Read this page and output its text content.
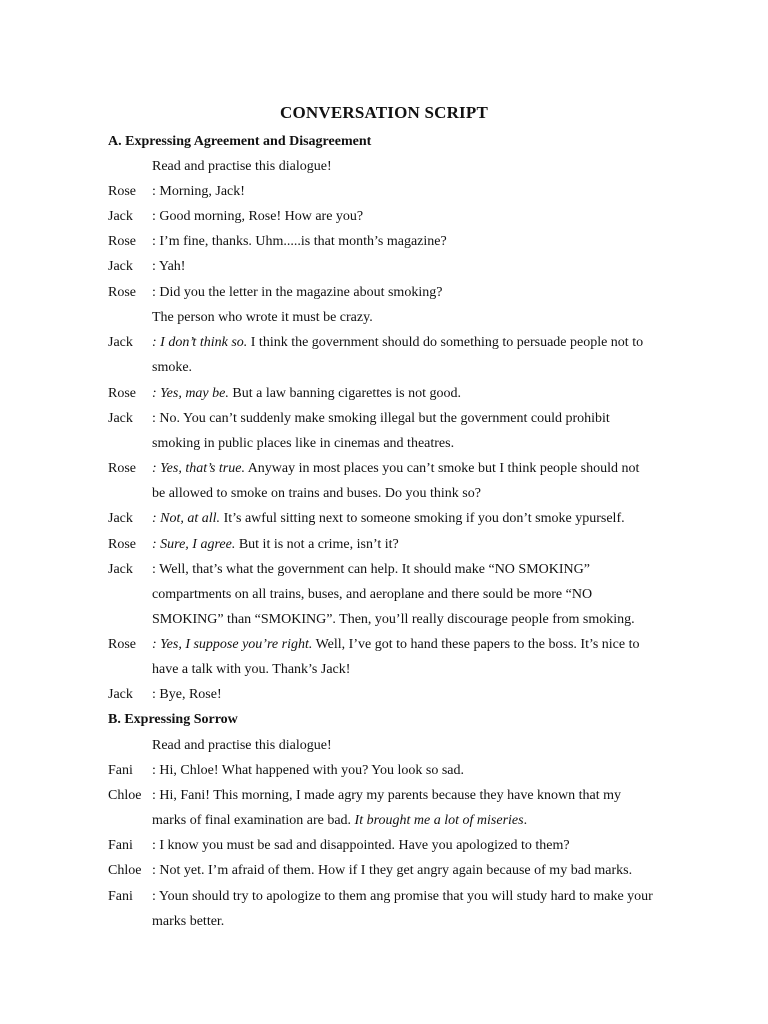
CONVERSATION SCRIPT
A. Expressing Agreement and Disagreement
Read and practise this dialogue!
Rose	: Morning, Jack!
Jack	: Good morning, Rose! How are you?
Rose	: I’m fine, thanks. Uhm.....is that month’s magazine?
Jack	: Yah!
Rose	: Did you the letter in the magazine about smoking?
The person who wrote it must be crazy.
Jack	: I don’t think so. I think the government should do something to persuade people not to
smoke.
Rose	: Yes, may be. But a law banning cigarettes is not good.
Jack	: No. You can’t suddenly make smoking illegal but the government could prohibit
smoking in public places like in cinemas and theatres.
Rose	: Yes, that’s true. Anyway in most places you can’t smoke but I think people should not
be allowed to smoke on trains and buses. Do you think so?
Jack	: Not, at all. It’s awful sitting next to someone smoking if you don’t smoke ypurself.
Rose	: Sure, I agree. But it is not a crime, isn’t it?
Jack	: Well, that’s what the government can help. It should make “NO SMOKING”
compartments on all trains, buses, and aeroplane and there sould be more “NO
SMOKING” than “SMOKING”. Then, you’ll really discourage people from smoking.
Rose	: Yes, I suppose you’re right. Well, I’ve got to hand these papers to the boss. It’s nice to
have a talk with you. Thank’s Jack!
Jack	: Bye, Rose!
B. Expressing Sorrow
Read and practise this dialogue!
Fani	: Hi, Chloe! What happened with you? You look so sad.
Chloe : Hi, Fani! This morning, I made agry my parents because they have known that my
marks of final examination are bad. It brought me a lot of miseries.
Fani	: I know you must be sad and disappointed. Have you apologized to them?
Chloe : Not yet. I’m afraid of them. How if I they get angry again because of my bad marks.
Fani	: Youn should try to apologize to them ang promise that you will study hard to make your
marks better.
